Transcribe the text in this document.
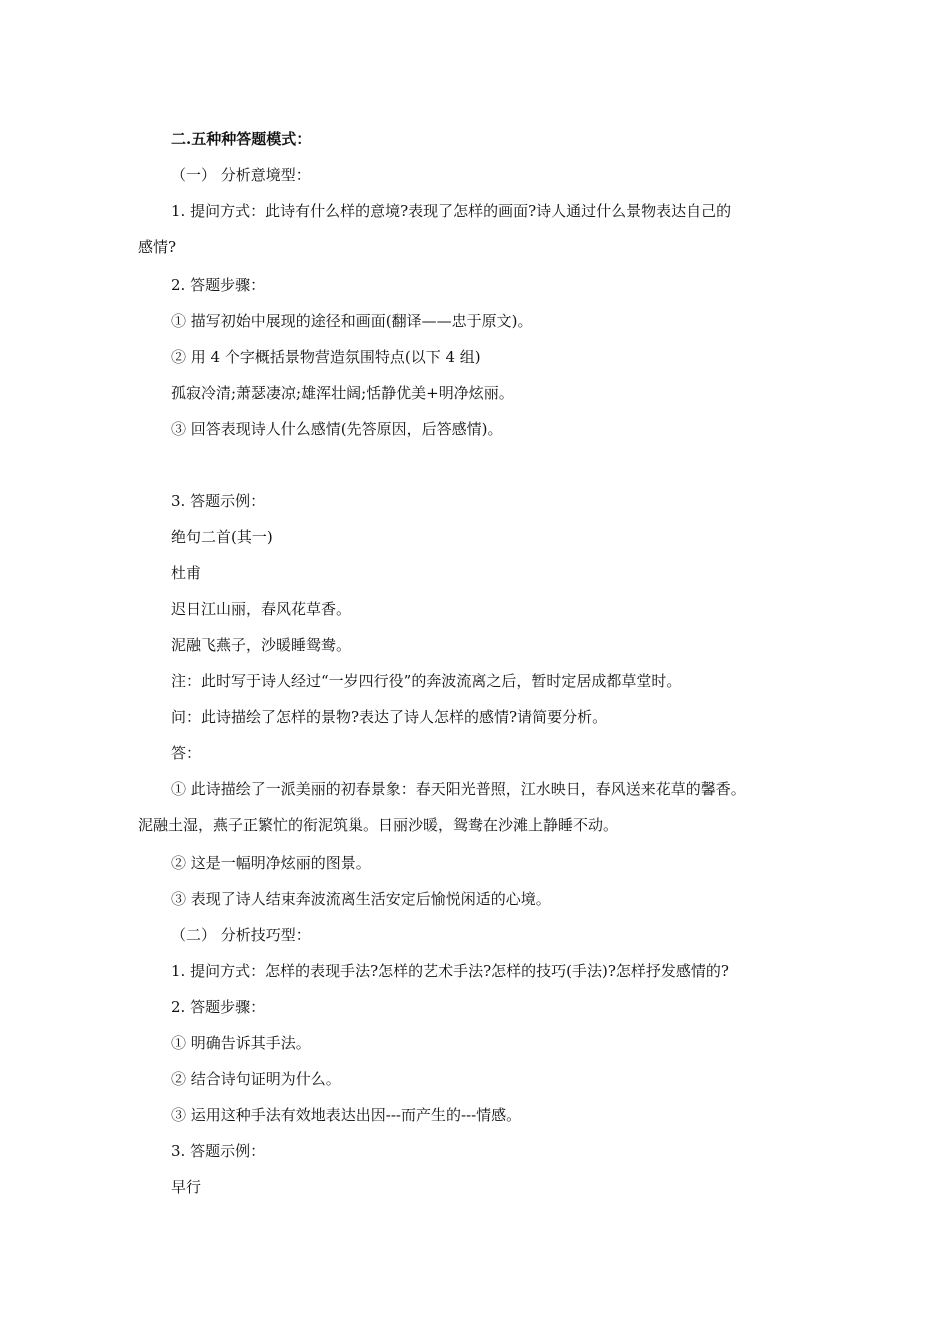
二.五种种答题模式：
（一） 分析意境型：
1. 提问方式：此诗有什么样的意境?表现了怎样的画面?诗人通过什么景物表达自己的
感情?
2. 答题步骤：
① 描写初始中展现的途径和画面(翻译——忠于原文)。
② 用 4 个字概括景物营造氛围特点(以下 4 组)
孤寂冷清;萧瑟凄凉;雄浑壮阔;恬静优美+明净炫丽。
③ 回答表现诗人什么感情(先答原因，后答感情)。
3. 答题示例：
绝句二首(其一)
杜甫
迟日江山丽，春风花草香。
泥融飞燕子，沙暖睡鸳鸯。
注：此时写于诗人经过“一岁四行役”的奔波流离之后，暂时定居成都草堂时。
问：此诗描绘了怎样的景物?表达了诗人怎样的感情?请简要分析。
答：
① 此诗描绘了一派美丽的初春景象：春天阳光普照，江水映日，春风送来花草的馨香。
泥融土湿，燕子正繁忙的衔泥筑巢。日丽沙暖，鸳鸯在沙滩上静睡不动。
② 这是一幅明净炫丽的图景。
③ 表现了诗人结束奔波流离生活安定后愉悦闲适的心境。
（二） 分析技巧型：
1. 提问方式：怎样的表现手法?怎样的艺术手法?怎样的技巧(手法)?怎样抒发感情的?
2. 答题步骤：
① 明确告诉其手法。
② 结合诗句证明为什么。
③ 运用这种手法有效地表达出因---而产生的---情感。
3. 答题示例：
早行
